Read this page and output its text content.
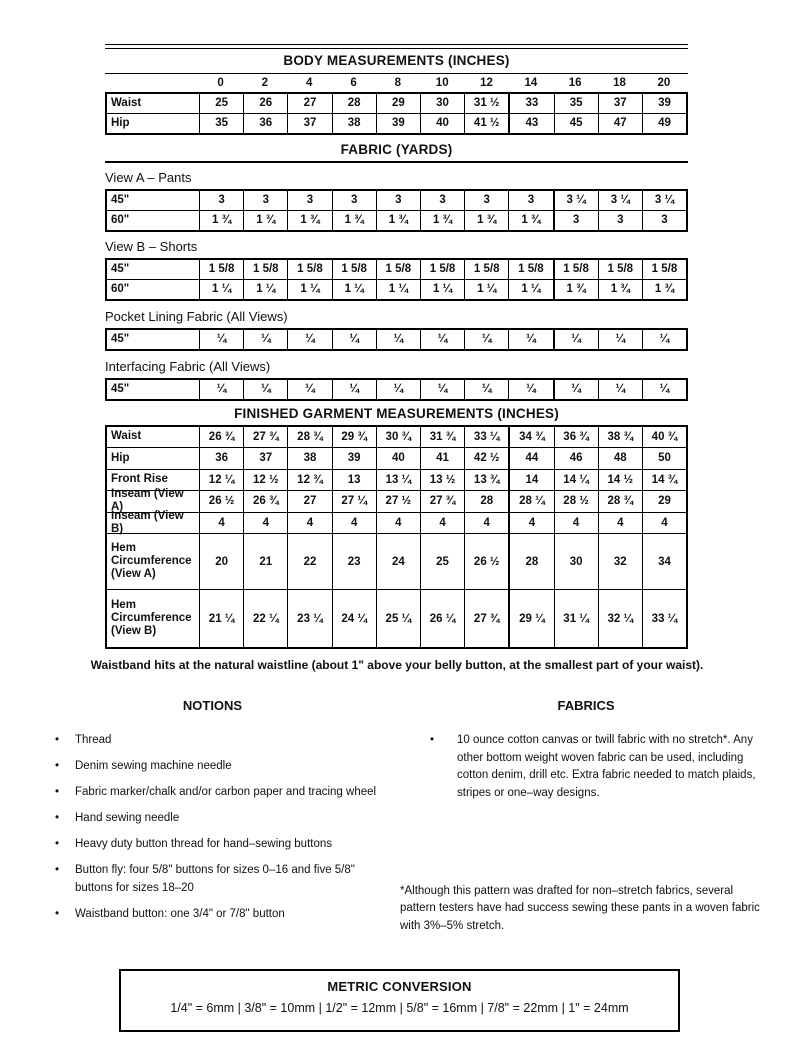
BODY MEASUREMENTS (INCHES)
0	2	4	6	8	10	12	14	16	18	20
Waist	25	26	27	28	29	30	31 ½	33	35	37	39
Hip	35	36	37	38	39	40	41 ½	43	45	47	49
FABRIC (YARDS)
View A – Pants
45"	3	3	3	3	3	3	3	3	3 ¼	3 ¼	3 ¼
60"	1 ¾	1 ¾	1 ¾	1 ¾	1 ¾	1 ¾	1 ¾	1 ¾	3	3	3
View B – Shorts
45"	1 5/8	1 5/8	1 5/8	1 5/8	1 5/8	1 5/8	1 5/8	1 5/8	1 5/8	1 5/8	1 5/8
60"	1 ¼	1 ¼	1 ¼	1 ¼	1 ¼	1 ¼	1 ¼	1 ¼	1 ¾	1 ¾	1 ¾
Pocket Lining Fabric (All Views)
45"	¼	¼	¼	¼	¼	¼	¼	¼	¼	¼	¼
Interfacing Fabric (All Views)
45"	¼	¼	¼	¼	¼	¼	¼	¼	¼	¼	¼
FINISHED GARMENT MEASUREMENTS (INCHES)
Waist	26 ¾	27 ¾	28 ¾	29 ¾	30 ¾	31 ¾	33 ¼	34 ¾	36 ¾	38 ¾	40 ¾
Hip	36	37	38	39	40	41	42 ½	44	46	48	50
Front Rise	12 ¼	12 ½	12 ¾	13	13 ¼	13 ½	13 ¾	14	14 ¼	14 ½	14 ¾
Inseam (View A)	26 ½	26 ¾	27	27 ¼	27 ½	27 ¾	28	28 ¼	28 ½	28 ¾	29
Inseam (View B)	4	4	4	4	4	4	4	4	4	4	4
Hem Circumference (View A)
20	21	22	23	24	25	26 ½	28	30	32	34
Hem Circumference (View B)
21 ¼	22 ¼	23 ¼	24 ¼	25 ¼	26 ¼	27 ¾	29 ¼	31 ¼	32 ¼	33 ¼
Waistband hits at the natural waistline (about 1" above your belly button, at the smallest part of your waist).
NOTIONS
•	Thread
•	Denim sewing machine needle
•	Fabric marker/chalk and/or carbon paper and tracing wheel
•	Hand sewing needle
•	Heavy duty button thread for hand–sewing buttons
•	Button fly: four 5/8" buttons for sizes 0–16 and five 5/8" buttons for sizes 18–20
•	Waistband button: one 3/4" or 7/8" button
FABRICS
•	10 ounce cotton canvas or twill fabric with no stretch*. Any other bottom weight woven fabric can be used, including cotton denim, drill etc. Extra fabric needed to match plaids, stripes or one–way designs.
*Although this pattern was drafted for non–stretch fabrics, several pattern testers have had success sewing these pants in a woven fabric with 3%–5% stretch.
METRIC CONVERSION
1/4" = 6mm | 3/8" = 10mm | 1/2" = 12mm | 5/8" = 16mm | 7/8" = 22mm | 1" = 24mm
